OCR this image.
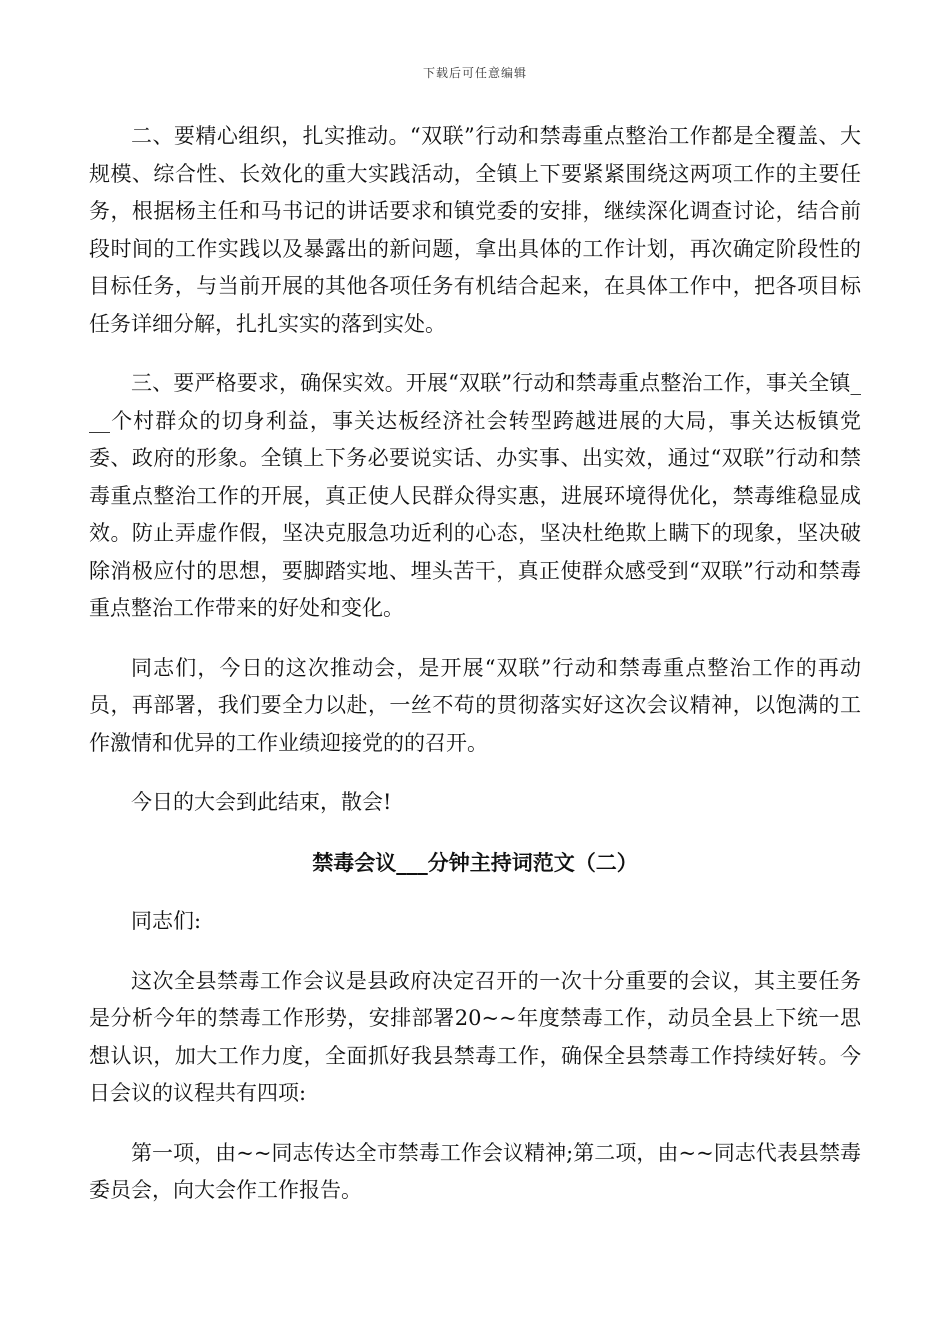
下载后可任意编辑

二、要精心组织，扎实推动。“双联”行动和禁毒重点整治工作都是全覆盖、大规模、综合性、长效化的重大实践活动，全镇上下要紧紧围绕这两项工作的主要任务，根据杨主任和马书记的讲话要求和镇党委的安排，继续深化调查讨论，结合前段时间的工作实践以及暴露出的新问题，拿出具体的工作计划，再次确定阶段性的目标任务，与当前开展的其他各项任务有机结合起来，在具体工作中，把各项目标任务详细分解，扎扎实实的落到实处。

三、要严格要求，确保实效。开展“双联”行动和禁毒重点整治工作，事关全镇___个村群众的切身利益，事关达板经济社会转型跨越进展的大局，事关达板镇党委、政府的形象。全镇上下务必要说实话、办实事、出实效，通过“双联”行动和禁毒重点整治工作的开展，真正使人民群众得实惠，进展环境得优化，禁毒维稳显成效。防止弄虚作假，坚决克服急功近利的心态，坚决杜绝欺上瞒下的现象，坚决破除消极应付的思想，要脚踏实地、埋头苦干，真正使群众感受到“双联”行动和禁毒重点整治工作带来的好处和变化。

同志们，今日的这次推动会，是开展“双联”行动和禁毒重点整治工作的再动员，再部署，我们要全力以赴，一丝不苟的贯彻落实好这次会议精神，以饱满的工作激情和优异的工作业绩迎接党的的召开。

今日的大会到此结束，散会!

禁毒会议___分钟主持词范文（二）

同志们:

这次全县禁毒工作会议是县政府决定召开的一次十分重要的会议，其主要任务是分析今年的禁毒工作形势，安排部署20~~年度禁毒工作，动员全县上下统一思想认识，加大工作力度，全面抓好我县禁毒工作，确保全县禁毒工作持续好转。今日会议的议程共有四项:

第一项，由~~同志传达全市禁毒工作会议精神;第二项，由~~同志代表县禁毒委员会，向大会作工作报告。
